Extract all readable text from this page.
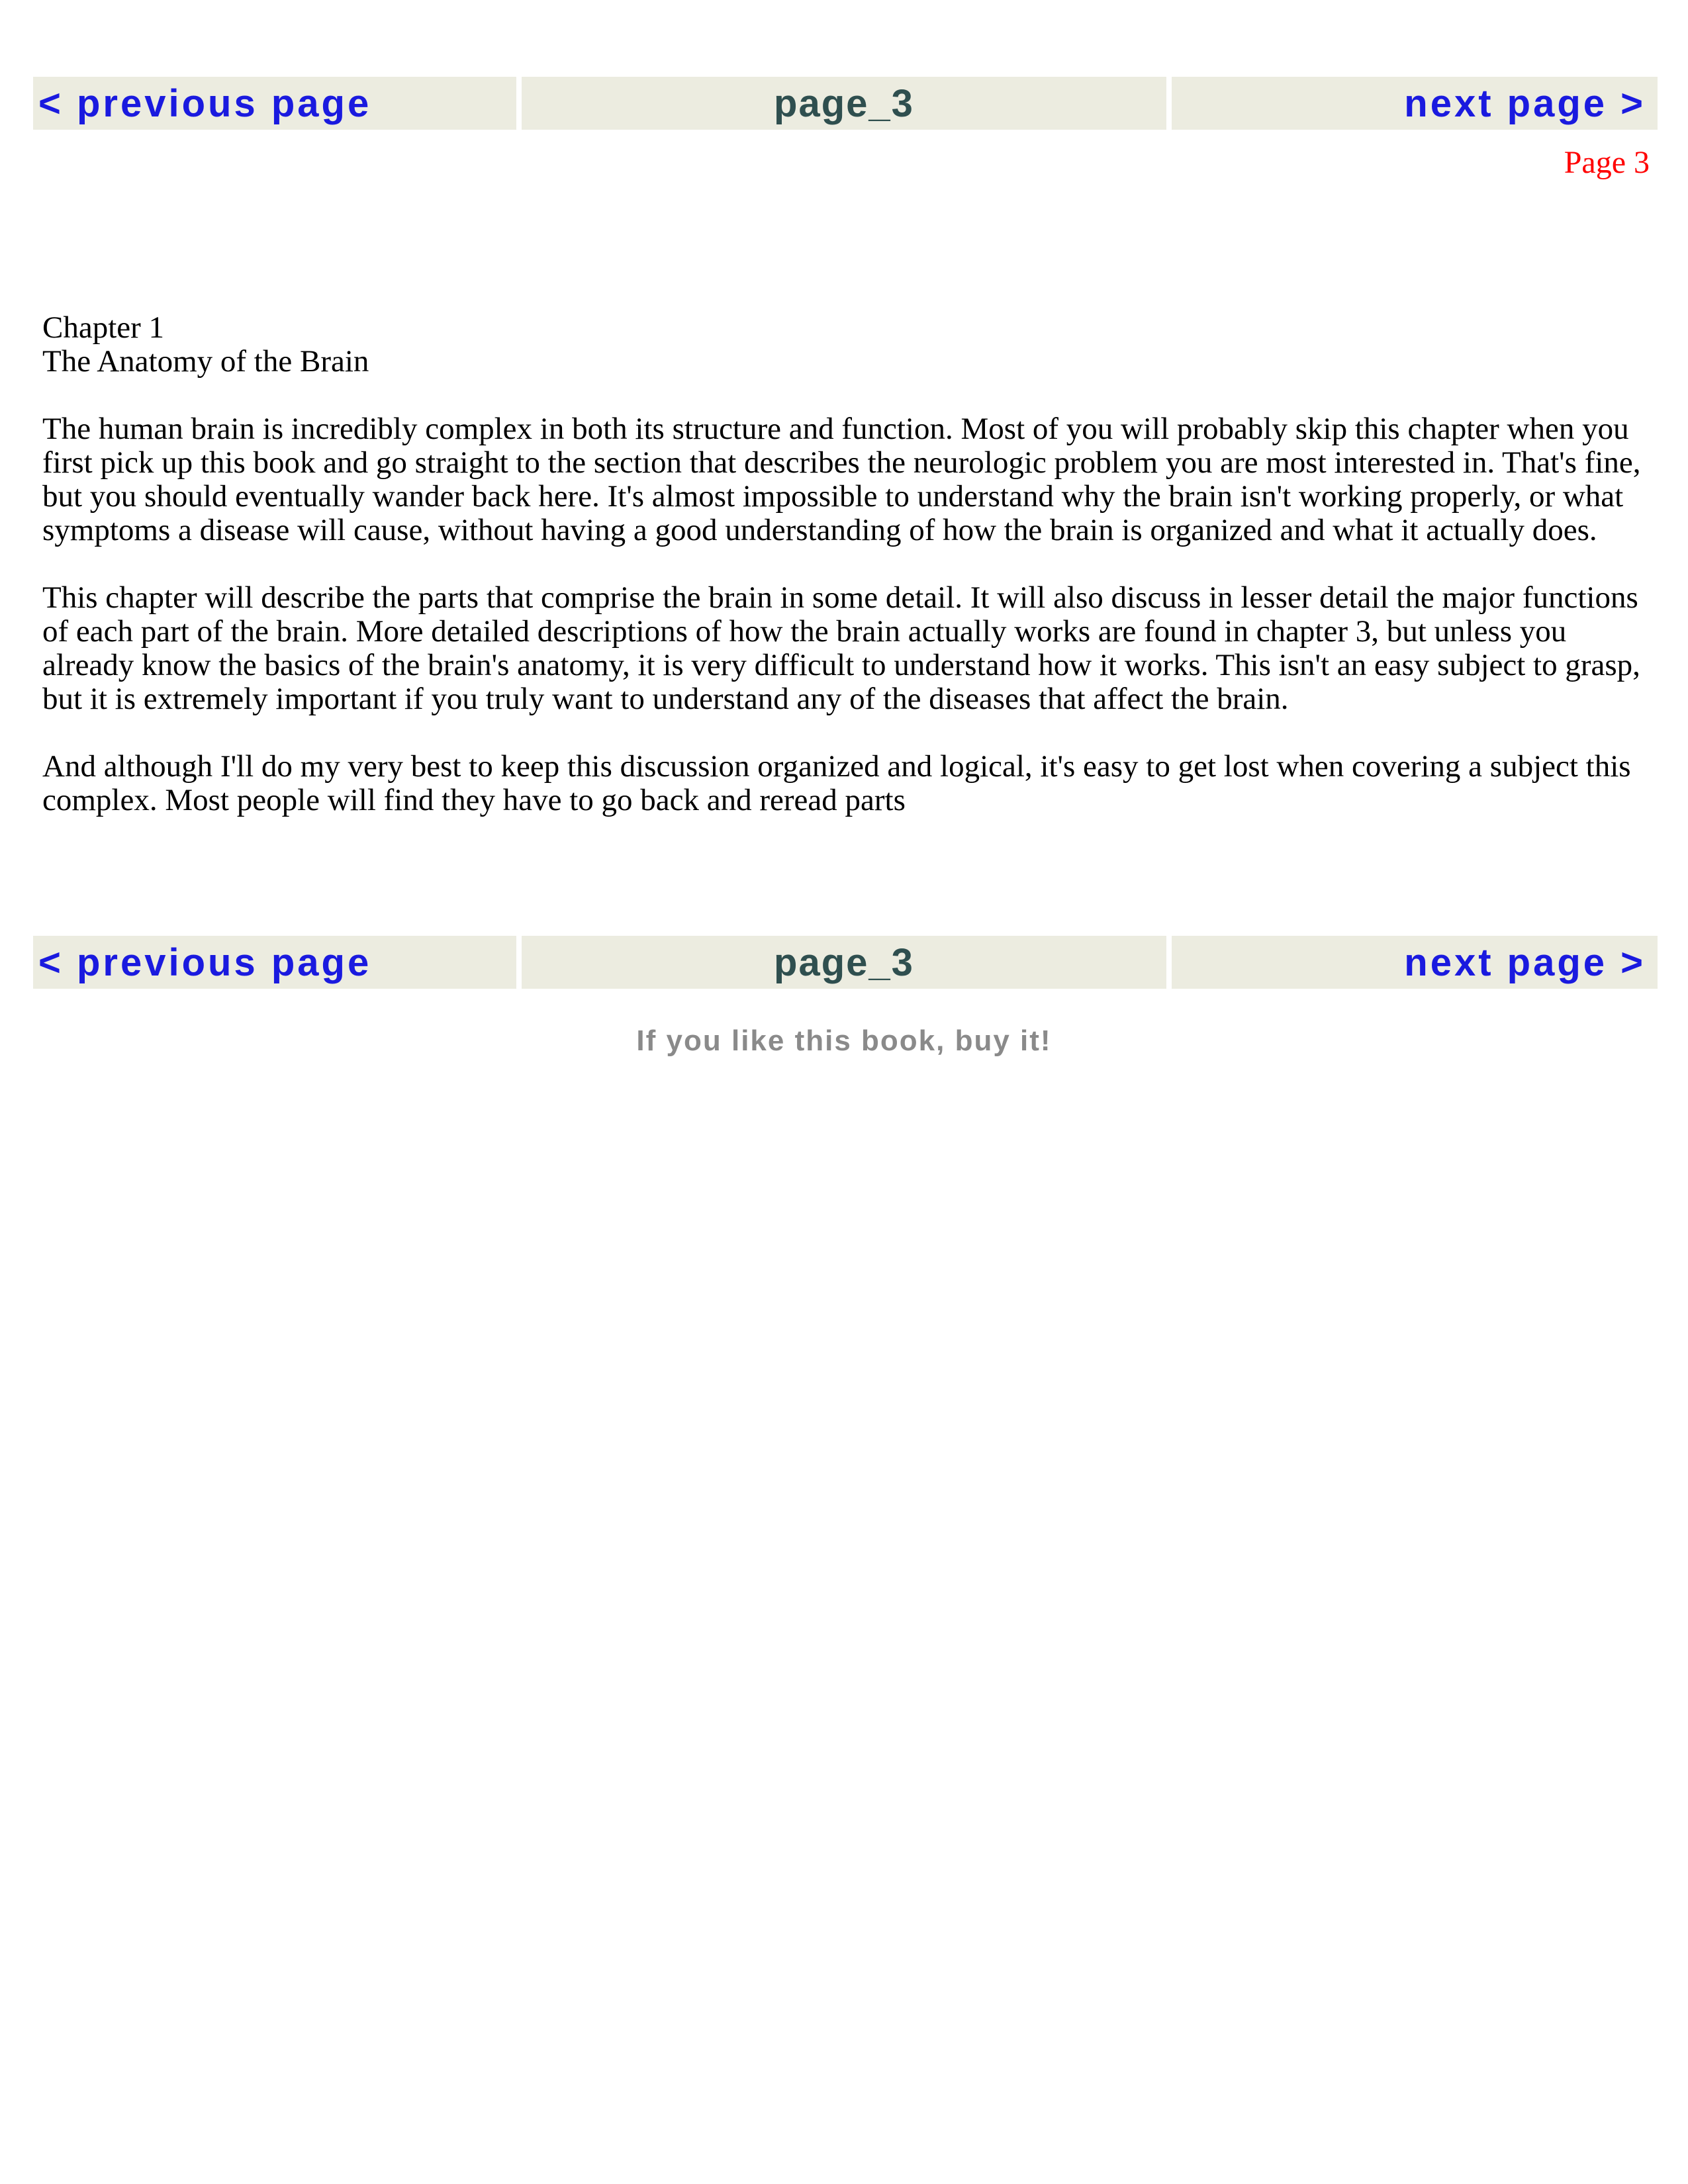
< previous page	page_3	next page >
Page 3

Chapter 1
The Anatomy of the Brain

The human brain is incredibly complex in both its structure and function. Most of you will probably skip this chapter when you first pick up this book and go straight to the section that describes the neurologic problem you are most interested in. That's fine, but you should eventually wander back here. It's almost impossible to understand why the brain isn't working properly, or what symptoms a disease will cause, without having a good understanding of how the brain is organized and what it actually does.

This chapter will describe the parts that comprise the brain in some detail. It will also discuss in lesser detail the major functions of each part of the brain. More detailed descriptions of how the brain actually works are found in chapter 3, but unless you already know the basics of the brain's anatomy, it is very difficult to understand how it works. This isn't an easy subject to grasp, but it is extremely important if you truly want to understand any of the diseases that affect the brain.

And although I'll do my very best to keep this discussion organized and logical, it's easy to get lost when covering a subject this complex. Most people will find they have to go back and reread parts

< previous page	page_3	next page >
If you like this book, buy it!
